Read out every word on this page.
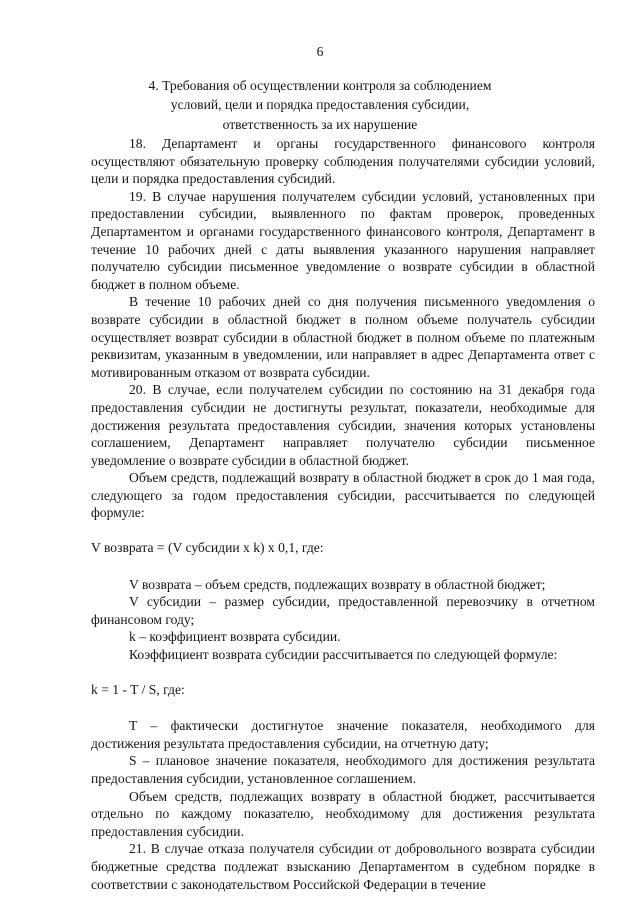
6
4. Требования об осуществлении контроля за соблюдением
условий, цели и порядка предоставления субсидии,
ответственность за их нарушение

18. Департамент и органы государственного финансового контроля осуществляют обязательную проверку соблюдения получателями субсидии условий, цели и порядка предоставления субсидий.

19. В случае нарушения получателем субсидии условий, установленных при предоставлении субсидии, выявленного по фактам проверок, проведенных Департаментом и органами государственного финансового контроля, Департамент в течение 10 рабочих дней с даты выявления указанного нарушения направляет получателю субсидии письменное уведомление о возврате субсидии в областной бюджет в полном объеме.

В течение 10 рабочих дней со дня получения письменного уведомления о возврате субсидии в областной бюджет в полном объеме получатель субсидии осуществляет возврат субсидии в областной бюджет в полном объеме по платежным реквизитам, указанным в уведомлении, или направляет в адрес Департамента ответ с мотивированным отказом от возврата субсидии.

20. В случае, если получателем субсидии по состоянию на 31 декабря года предоставления субсидии не достигнуты результат, показатели, необходимые для достижения результата предоставления субсидии, значения которых установлены соглашением, Департамент направляет получателю субсидии письменное уведомление о возврате субсидии в областной бюджет.

Объем средств, подлежащий возврату в областной бюджет в срок до 1 мая года, следующего за годом предоставления субсидии, рассчитывается по следующей формуле:

V возврата = (V субсидии x k) x 0,1, где:

V возврата – объем средств, подлежащих возврату в областной бюджет;

V субсидии – размер субсидии, предоставленной перевозчику в отчетном финансовом году;

k – коэффициент возврата субсидии.

Коэффициент возврата субсидии рассчитывается по следующей формуле:

k = 1 - T / S, где:

T – фактически достигнутое значение показателя, необходимого для достижения результата предоставления субсидии, на отчетную дату;

S – плановое значение показателя, необходимого для достижения результата предоставления субсидии, установленное соглашением.

Объем средств, подлежащих возврату в областной бюджет, рассчитывается отдельно по каждому показателю, необходимому для достижения результата предоставления субсидии.

21. В случае отказа получателя субсидии от добровольного возврата субсидии бюджетные средства подлежат взысканию Департаментом в судебном порядке в соответствии с законодательством Российской Федерации в течение
